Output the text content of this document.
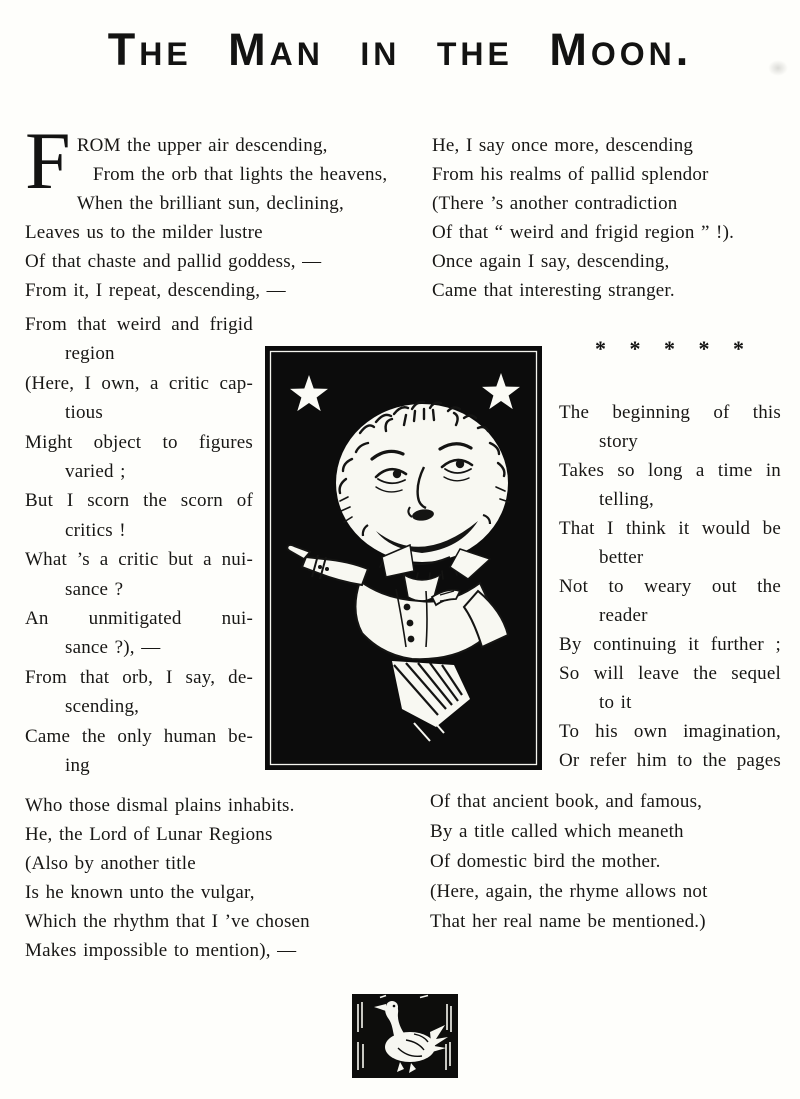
The Man in the Moon.
F ROM the upper air descending,
From the orb that lights the heavens,
When the brilliant sun, declining,
Leaves us to the milder lustre
Of that chaste and pallid goddess, —
From it, I repeat, descending, —
From that weird and frigid
region
(Here, I own, a critic cap-
tious
Might object to figures
varied ;
But I scorn the scorn of
critics !
What ’s a critic but a nui-
sance ?
An unmitigated nui-
sance ?), —
From that orb, I say, de-
scending,
Came the only human be-
ing
Who those dismal plains inhabits.
He, the Lord of Lunar Regions
(Also by another title
Is he known unto the vulgar,
Which the rhythm that I ’ve chosen
Makes impossible to mention), —
He, I say once more, descending
From his realms of pallid splendor
(There ’s another contradiction
Of that “ weird and frigid region ” !).
Once again I say, descending,
Came that interesting stranger.
* * * * *
The beginning of this
story
Takes so long a time in
telling,
That I think it would be
better
Not to weary out the
reader
By continuing it further ;
So will leave the sequel
to it
To his own imagination,
Or refer him to the pages
Of that ancient book, and famous,
By a title called which meaneth
Of domestic bird the mother.
(Here, again, the rhyme allows not
That her real name be mentioned.)
